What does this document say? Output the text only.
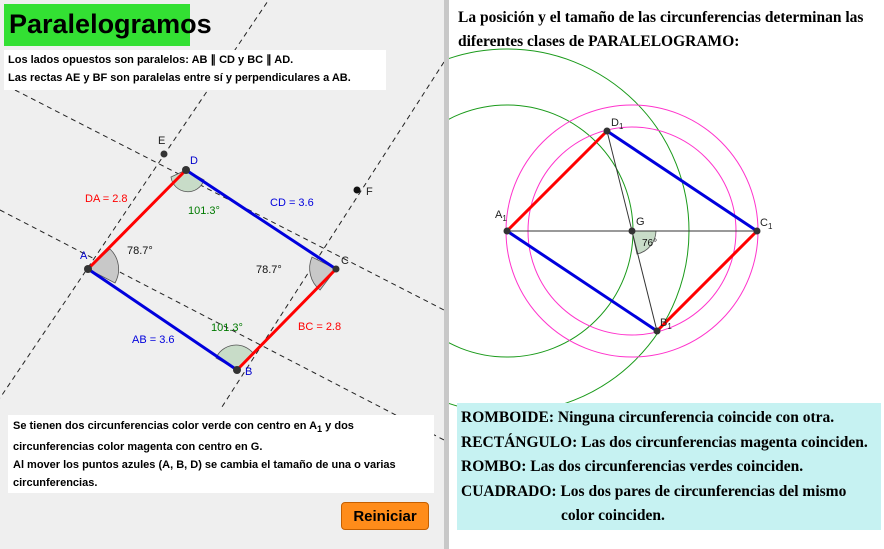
A
D
C
B
E
F
DA = 2.8	CD = 3.6
AB = 3.6
BC = 2.8
101.3°
78.7°
78.7°
101.3°
Paralelogramos
Los lados opuestos son paralelos: AB ∥ CD y BC ∥ AD.
Las rectas AE y BF son paralelas entre sí y perpendiculares a AB.
Se tienen dos circunferencias color verde con centro en $A_1$ y dos
circunferencias color magenta con centro en G.
Al mover los puntos azules (A, B, D) se cambia el tamaño de una o varias
circunferencias.
Reiniciar
$A_1$
$D_1$
$C_1$
$B_1$
G
76°
La posición y el tamaño de las circunferencias determinan las
diferentes clases de PARALELOGRAMO:
ROMBOIDE: Ninguna circunferencia coincide con otra.
RECTÁNGULO: Las dos circunferencias magenta coinciden.
ROMBO: Las dos circunferencias verdes coinciden.
CUADRADO: Los dos pares de circunferencias del mismo
color coinciden.
